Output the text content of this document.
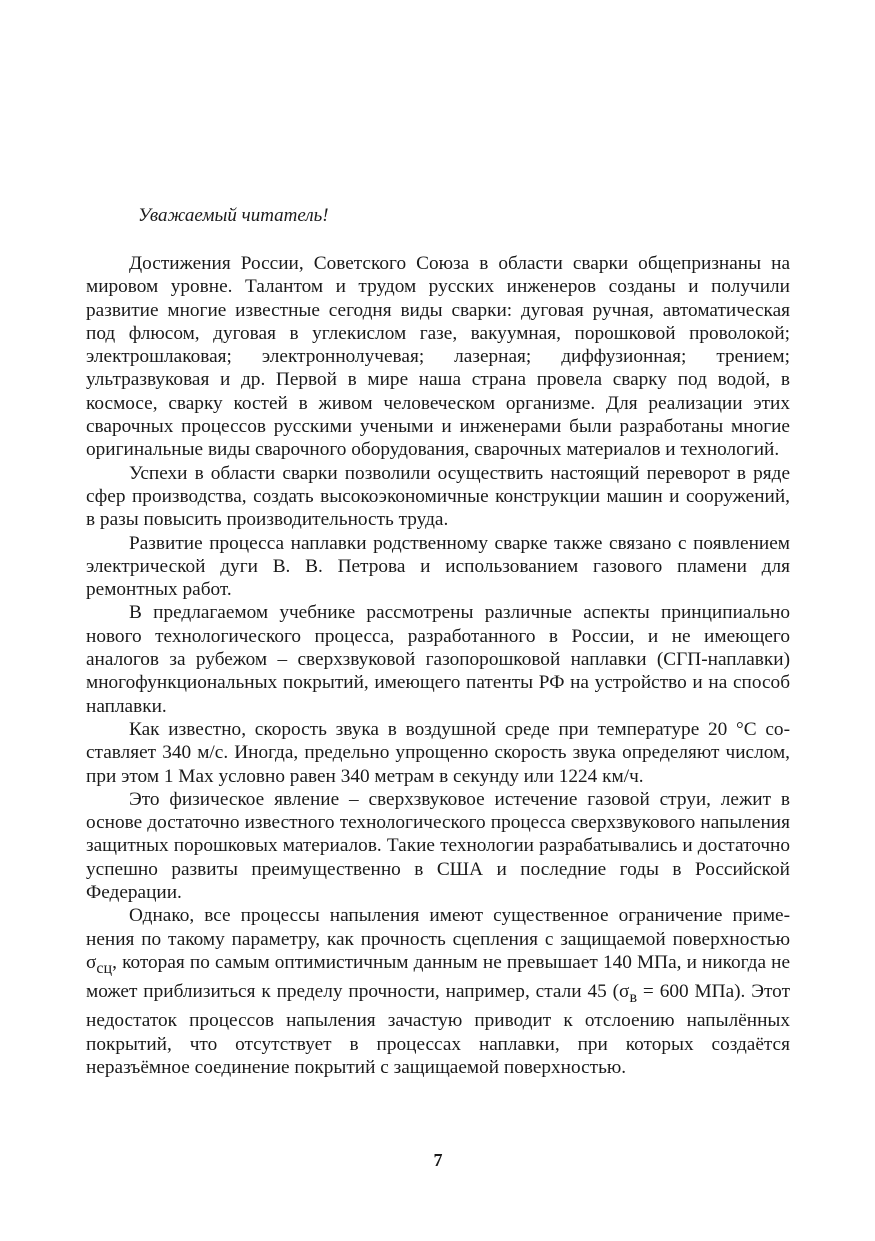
Уважаемый читатель!

Достижения России, Советского Союза в области сварки общепризнаны на мировом уровне. Талантом и трудом русских инженеров созданы и получили развитие многие известные сегодня виды сварки: дуговая ручная, автоматическая под флюсом, дуговая в углекислом газе, вакуумная, порошковой проволокой; электрошлаковая; электроннолучевая; лазерная; диффузионная; трением; ультразвуковая и др. Первой в мире наша страна провела сварку под водой, в космосе, сварку костей в живом человеческом организме. Для реализации этих сварочных процессов русскими учеными и инженерами были разработаны многие оригинальные виды сварочного оборудования, сварочных материалов и технологий.

Успехи в области сварки позволили осуществить настоящий переворот в ряде сфер производства, создать высокоэкономичные конструкции машин и сооружений, в разы повысить производительность труда.

Развитие процесса наплавки родственному сварке также связано с появлением электрической дуги В. В. Петрова и использованием газового пламени для ремонтных работ.

В предлагаемом учебнике рассмотрены различные аспекты принципиально нового технологического процесса, разработанного в России, и не имеющего аналогов за рубежом – сверхзвуковой газопорошковой наплавки (СГП-наплавки) многофункциональных покрытий, имеющего патенты РФ на устройство и на способ наплавки.

Как известно, скорость звука в воздушной среде при температуре 20 °С составляет 340 м/с. Иногда, предельно упрощенно скорость звука определяют числом, при этом 1 Мах условно равен 340 метрам в секунду или 1224 км/ч.

Это физическое явление – сверхзвуковое истечение газовой струи, лежит в основе достаточно известного технологического процесса сверхзвукового напыления защитных порошковых материалов. Такие технологии разрабатывались и достаточно успешно развиты преимущественно в США и последние годы в Российской Федерации.

Однако, все процессы напыления имеют существенное ограничение применения по такому параметру, как прочность сцепления с защищаемой поверхностью $\sigma_{сц}$, которая по самым оптимистичным данным не превышает 140 МПа, и никогда не может приблизиться к пределу прочности, например, стали 45 ($\sigma_в = 600$ МПа). Этот недостаток процессов напыления зачастую приводит к отслоению напылённых покрытий, что отсутствует в процессах наплавки, при которых создаётся неразъёмное соединение покрытий с защищаемой поверхностью.

7
